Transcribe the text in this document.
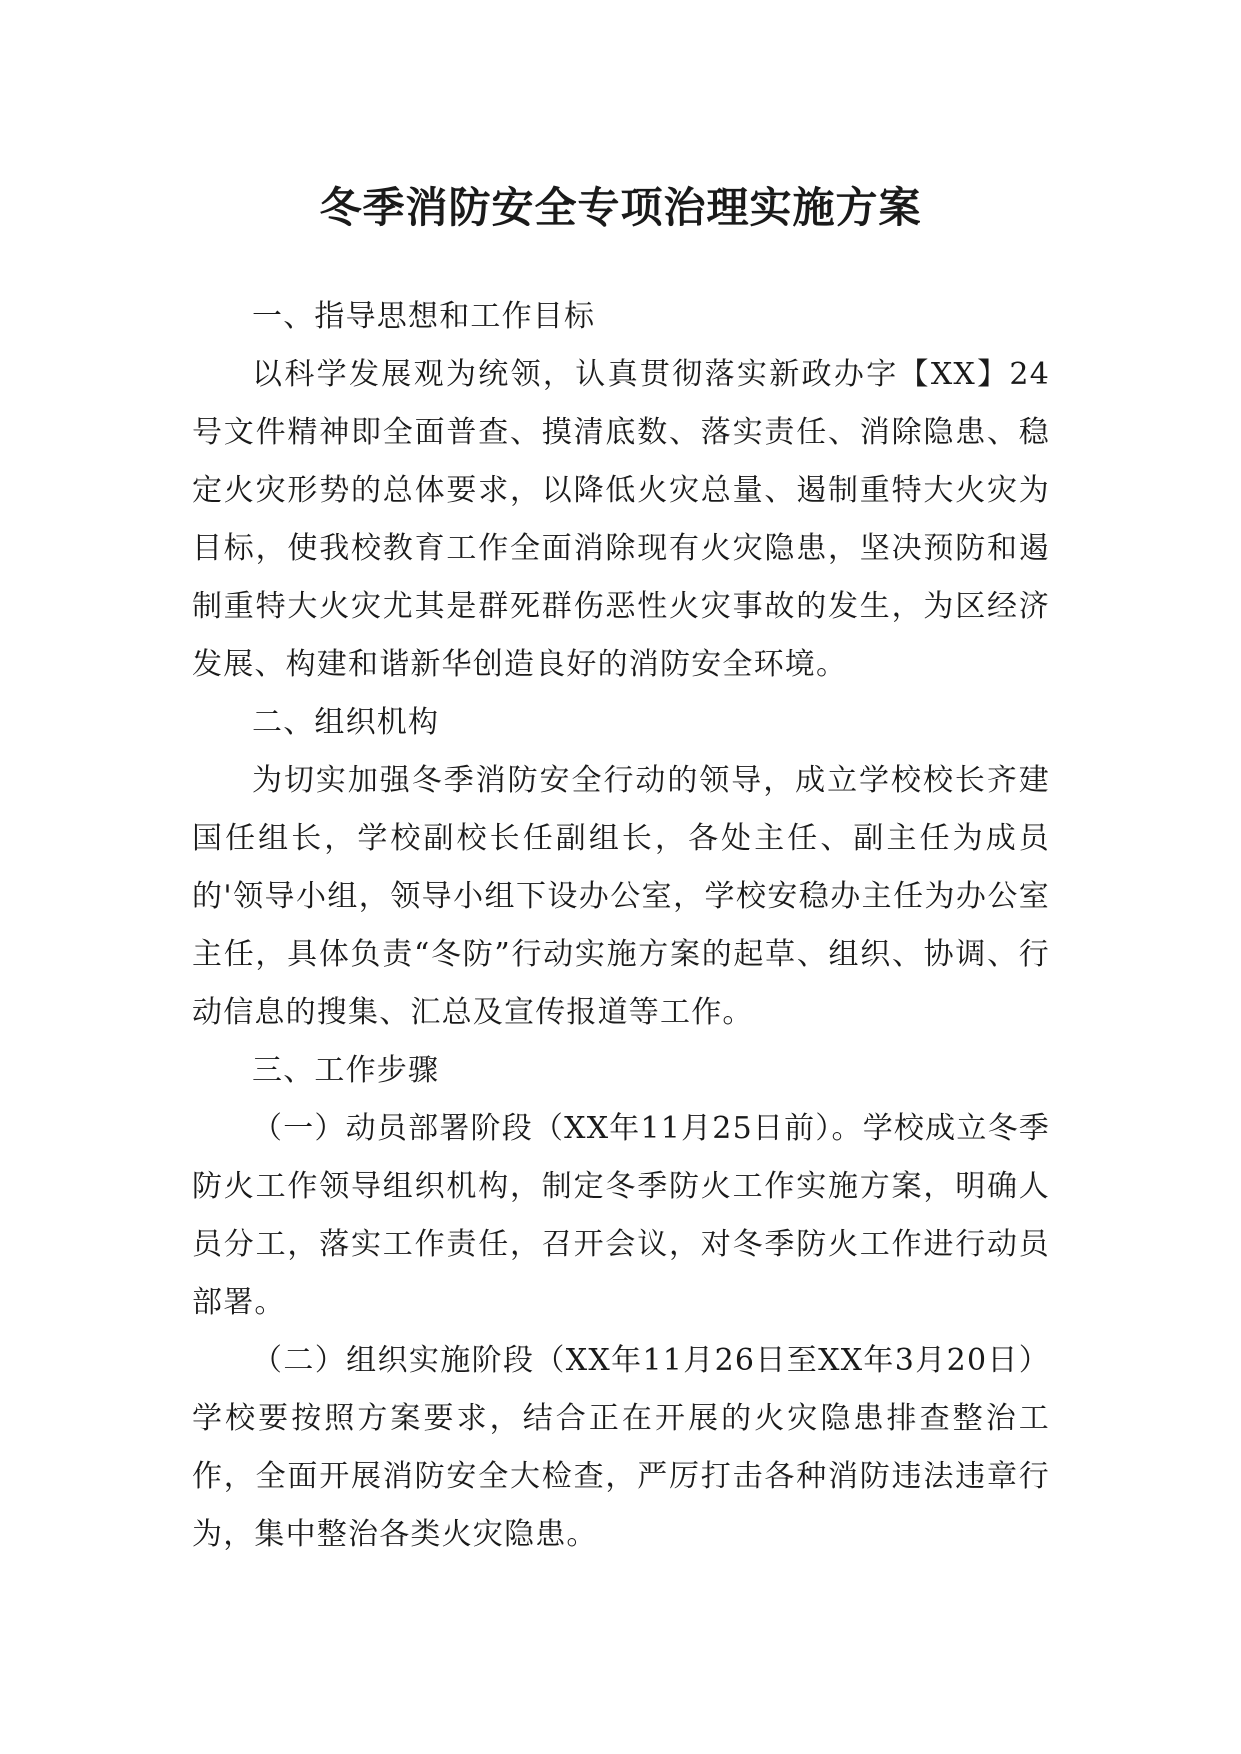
冬季消防安全专项治理实施方案

一、指导思想和工作目标

以科学发展观为统领，认真贯彻落实新政办字【XX】24号文件精神即全面普查、摸清底数、落实责任、消除隐患、稳定火灾形势的总体要求，以降低火灾总量、遏制重特大火灾为目标，使我校教育工作全面消除现有火灾隐患，坚决预防和遏制重特大火灾尤其是群死群伤恶性火灾事故的发生，为区经济发展、构建和谐新华创造良好的消防安全环境。

二、组织机构

为切实加强冬季消防安全行动的领导，成立学校校长齐建国任组长，学校副校长任副组长，各处主任、副主任为成员的'领导小组，领导小组下设办公室，学校安稳办主任为办公室主任，具体负责“冬防”行动实施方案的起草、组织、协调、行动信息的搜集、汇总及宣传报道等工作。

三、工作步骤

（一）动员部署阶段（XX年11月25日前）。学校成立冬季防火工作领导组织机构，制定冬季防火工作实施方案，明确人员分工，落实工作责任，召开会议，对冬季防火工作进行动员部署。

（二）组织实施阶段（XX年11月26日至XX年3月20日）学校要按照方案要求，结合正在开展的火灾隐患排查整治工作，全面开展消防安全大检查，严厉打击各种消防违法违章行为，集中整治各类火灾隐患。
